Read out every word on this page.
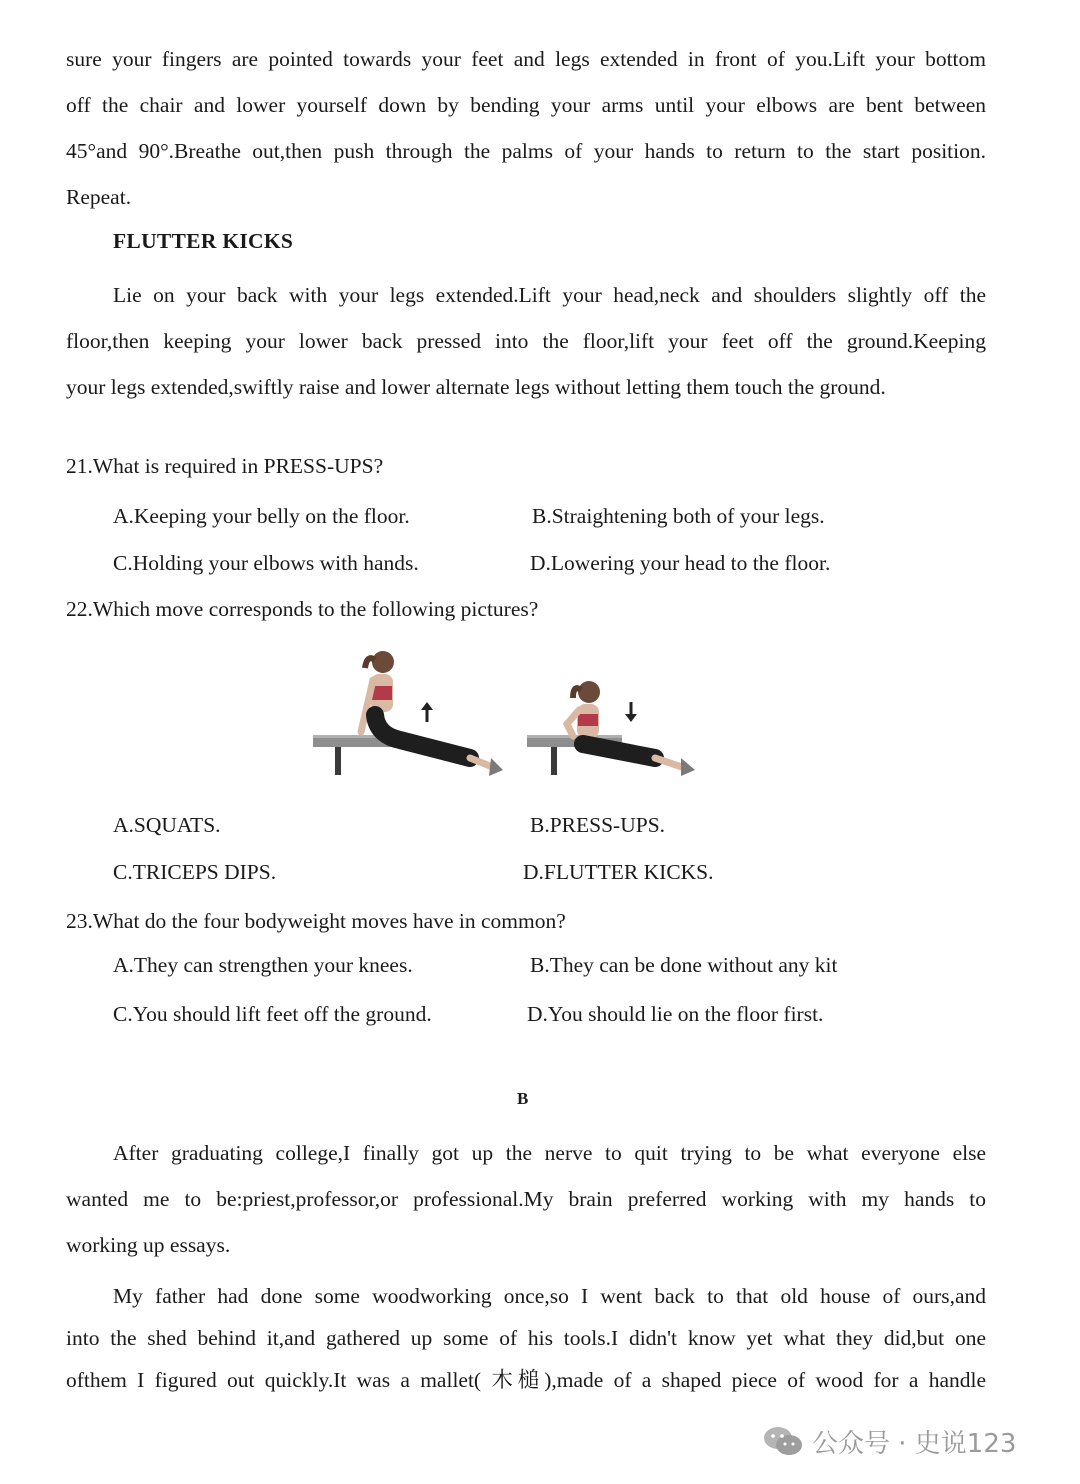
sure your fingers are pointed towards your feet and legs extended in front of you.Lift your bottom
off the chair and lower yourself down by bending your arms until your elbows are bent between
45°and 90°.Breathe out,then push through the palms of your hands to return to the start position.
Repeat.
FLUTTER KICKS
Lie on your back with your legs extended.Lift your head,neck and shoulders slightly off the
floor,then keeping your lower back pressed into the floor,lift your feet off the ground.Keeping
your legs extended,swiftly raise and lower alternate legs without letting them touch the ground.
21.What is required in PRESS-UPS?
A.Keeping your belly on the floor.	B.Straightening both of your legs.
C.Holding your elbows with hands.	D.Lowering your head to the floor.
22.Which move corresponds to the following pictures?
A.SQUATS.	B.PRESS-UPS.
C.TRICEPS DIPS.	D.FLUTTER KICKS.
23.What do the four bodyweight moves have in common?
A.They can strengthen your knees.	B.They can be done without any kit
C.You should lift feet off the ground.	D.You should lie on the floor first.
B
After graduating college,I finally got up the nerve to quit trying to be what everyone else
wanted me to be:priest,professor,or professional.My brain preferred working with my hands to
working up essays.
My father had done some woodworking once,so I went back to that old house of ours,and
into the shed behind it,and gathered up some of his tools.I didn't know yet what they did,but one
ofthem I figured out quickly.It was a mallet( 木槌),made of a shaped piece of wood for a handle
公众号 · 史说123
